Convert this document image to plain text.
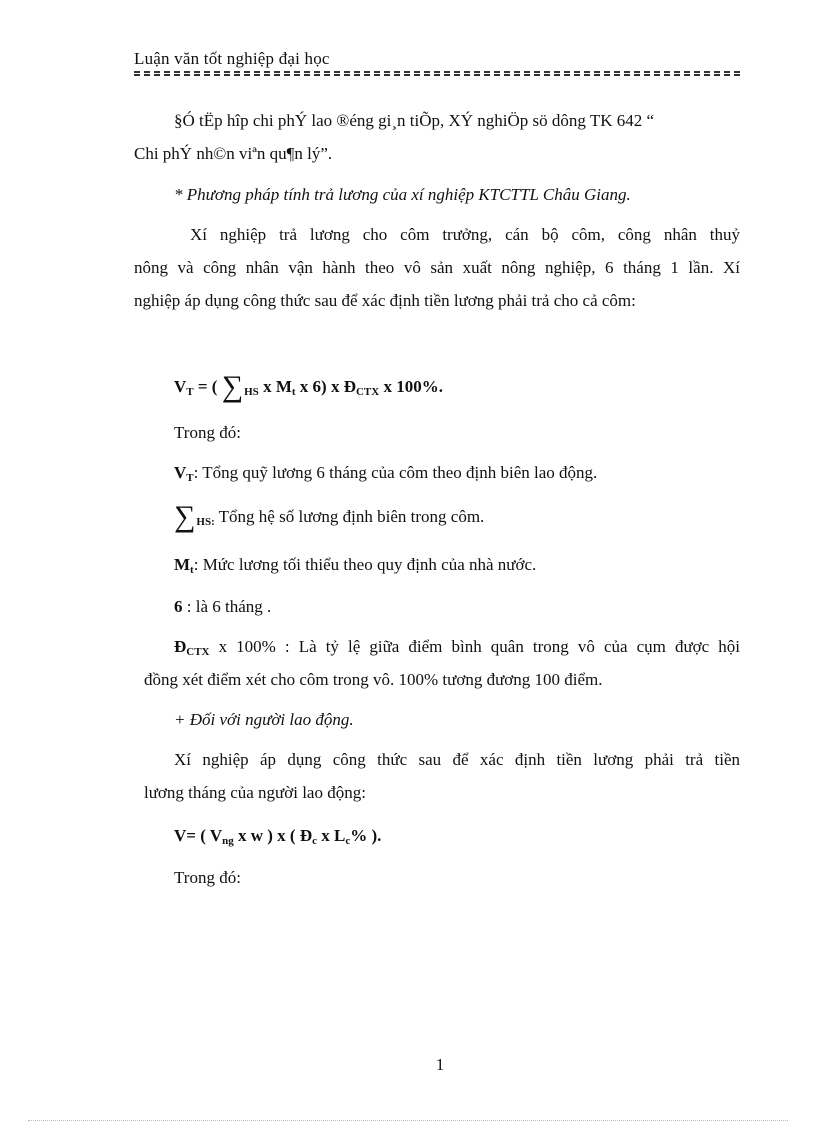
Luận văn tốt nghiệp đại học
§Ó tËp hîp chi phÝ lao ®éng gi¸n tiÕp, XÝ nghiÖp sö dông TK 642 “
Chi phÝ nh©n viªn qu¶n lý”.
* Phương pháp tính trả lương của xí nghiệp KTCTTL Châu Giang.
Xí nghiệp trả lương cho côm trưởng, cán bộ côm, công nhân thuỷ
nông và công nhân vận hành theo vô sản xuất nông nghiệp, 6 tháng 1 lần. Xí
nghiệp áp dụng công thức sau để xác định tiền lương phải trả cho cả côm:
VT = ( ∑HS x Mt x 6) x ĐCTX x 100%.
Trong đó:
VT: Tổng quỹ lương 6 tháng của côm theo định biên lao động.
∑HS: Tổng hệ số lương định biên trong côm.
Mt: Mức lương tối thiểu theo quy định của nhà nước.
6 : là 6 tháng .
ĐCTX x 100% : Là tỷ lệ giữa điểm bình quân trong vô của cụm được hội
đồng xét điểm xét cho côm trong vô. 100% tương đương 100 điểm.
+ Đối với người lao động.
Xí nghiệp áp dụng công thức sau để xác định tiền lương phải trả tiền
lương tháng của người lao động:
V= ( Vng x w ) x ( Đc x Lc% ).
Trong đó:
1
